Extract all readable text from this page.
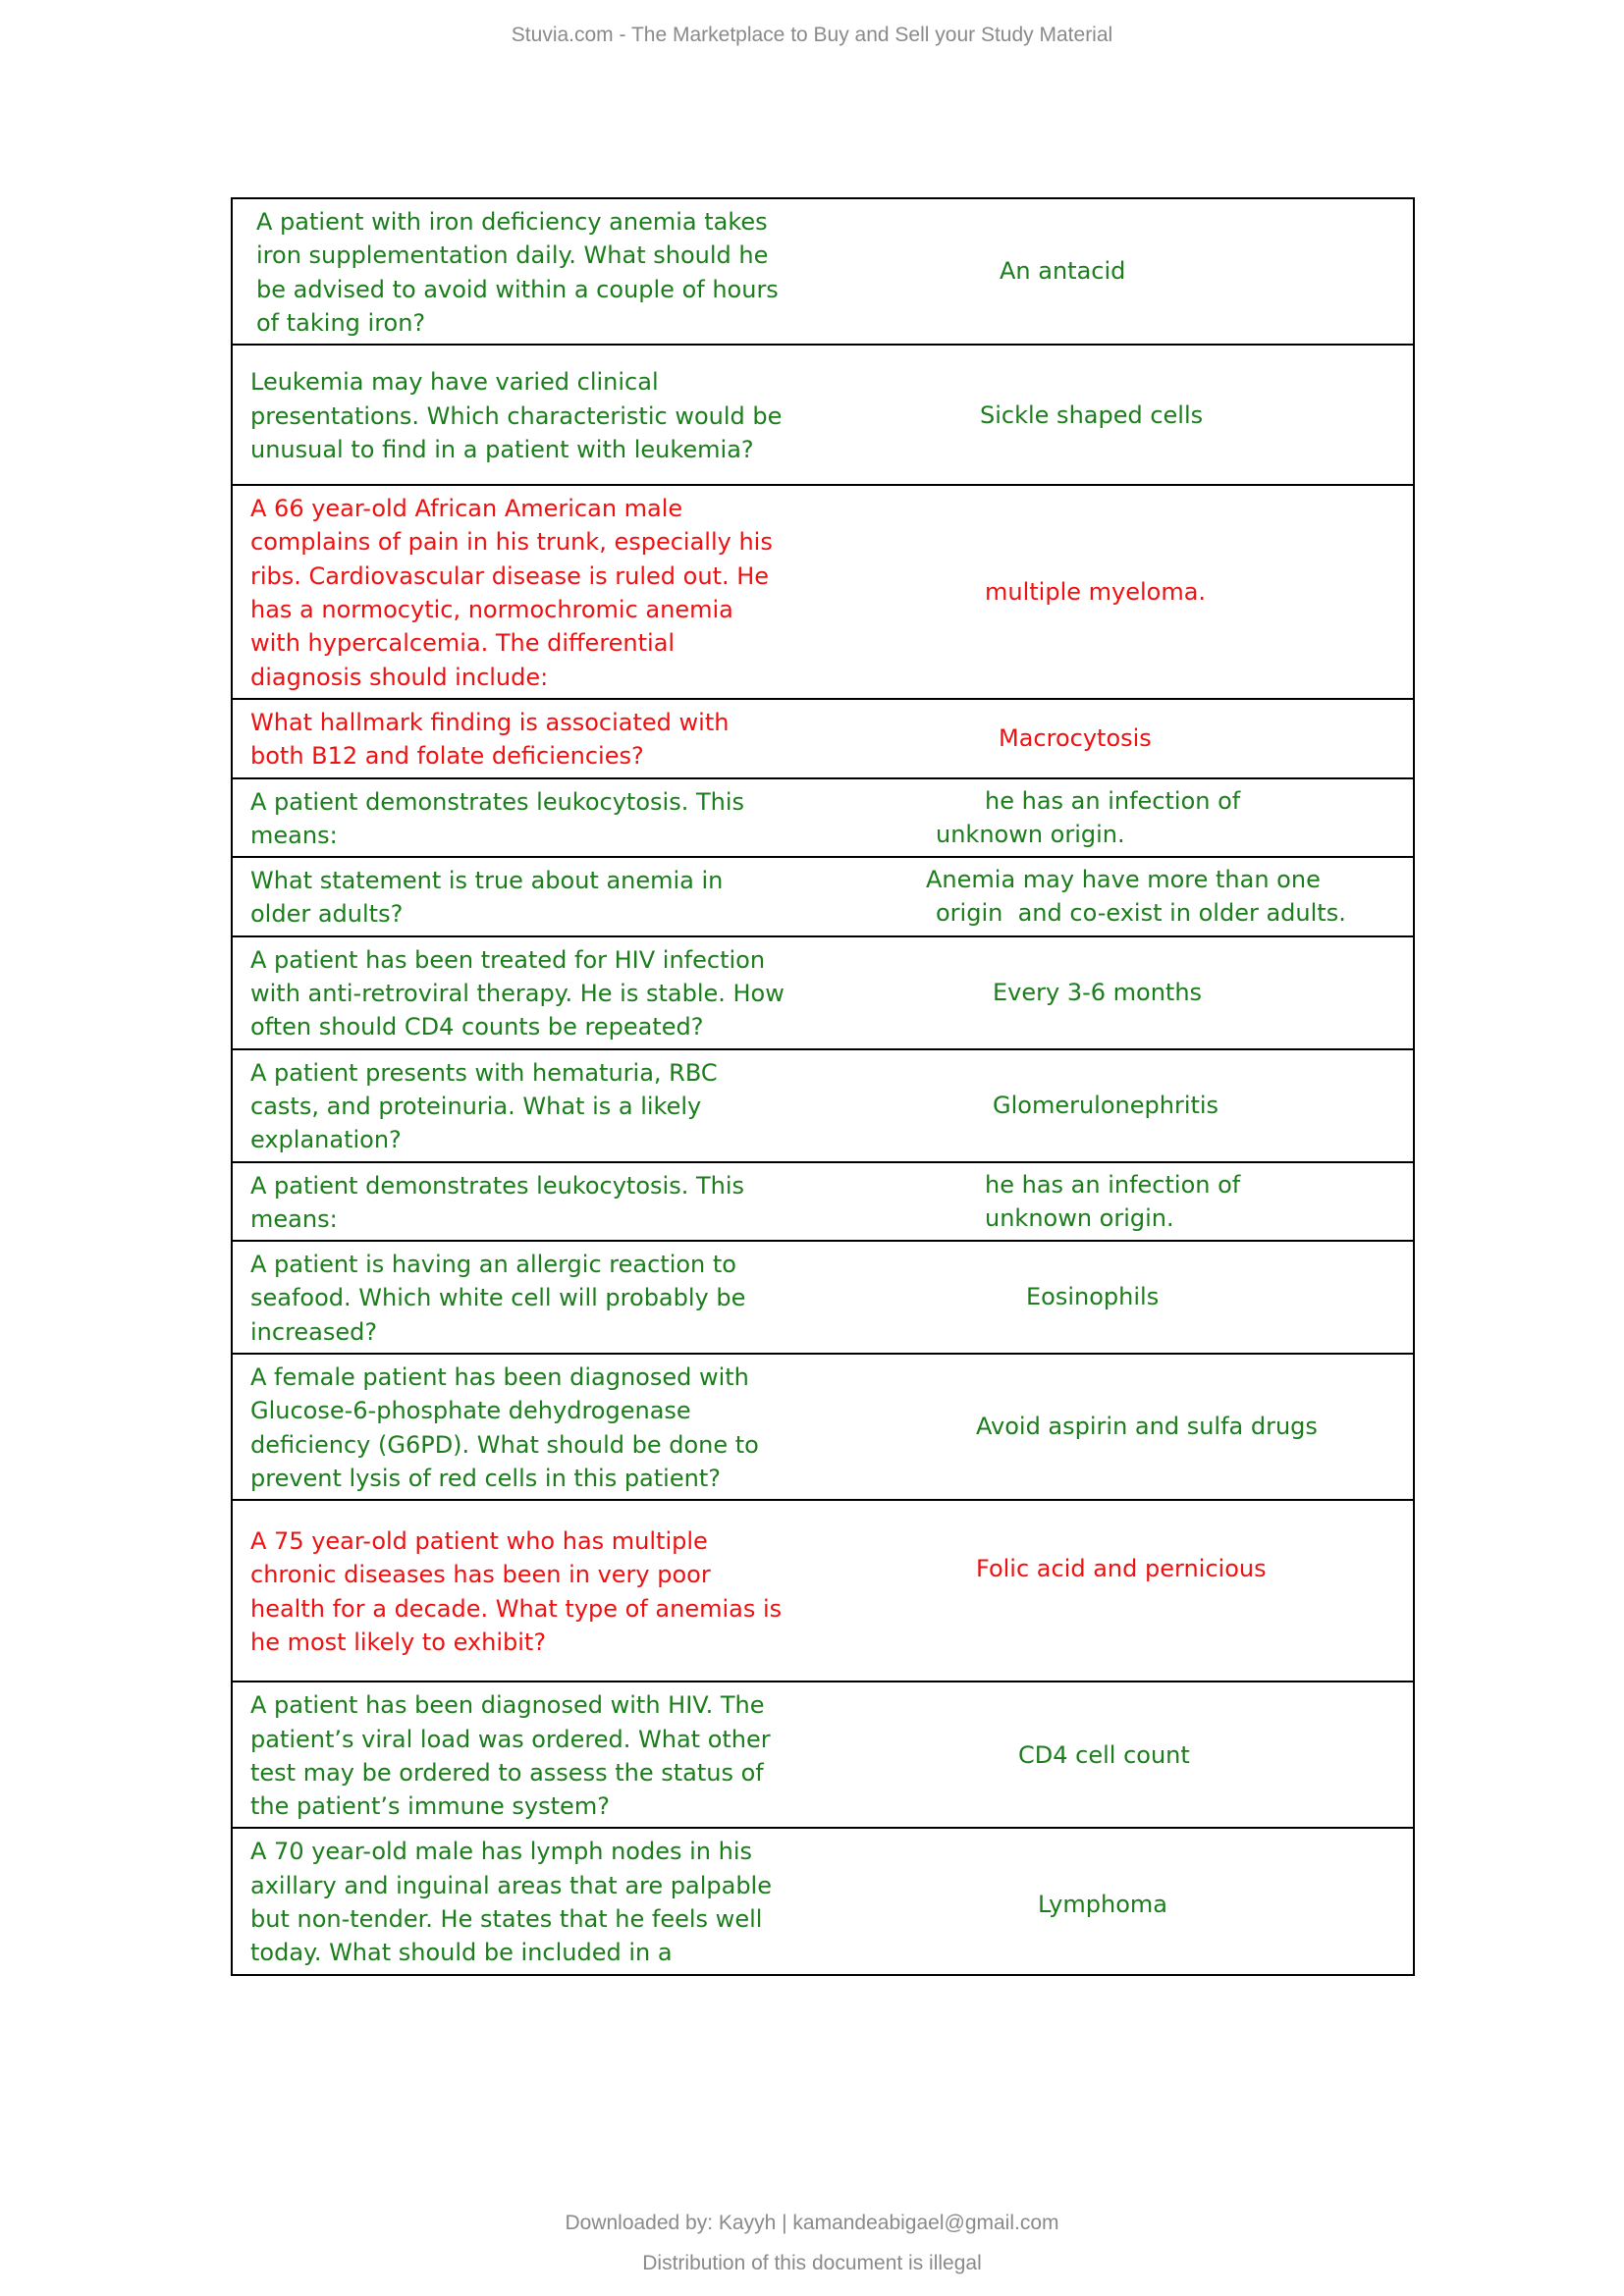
Stuvia.com - The Marketplace to Buy and Sell your Study Material
A patient with iron deficiency anemia takes iron supplementation daily. What should he be advised to avoid within a couple of hours of taking iron?	An antacid

Leukemia may have varied clinical presentations. Which characteristic would be unusual to find in a patient with leukemia?	Sickle shaped cells

A 66 year-old African American male complains of pain in his trunk, especially his ribs. Cardiovascular disease is ruled out. He has a normocytic, normochromic anemia with hypercalcemia. The differential diagnosis should include:	multiple myeloma.

What hallmark finding is associated with both B12 and folate deficiencies?	Macrocytosis

A patient demonstrates leukocytosis. This means:	he has an infection of
unknown origin.

What statement is true about anemia in older adults?	Anemia may have more than one
origin  and co-exist in older adults.

A patient has been treated for HIV infection with anti-retroviral therapy. He is stable. How often should CD4 counts be repeated?	Every 3-6 months

A patient presents with hematuria, RBC casts, and proteinuria. What is a likely explanation?	Glomerulonephritis

A patient demonstrates leukocytosis. This means:	he has an infection of
unknown origin.

A patient is having an allergic reaction to seafood. Which white cell will probably be increased?	Eosinophils

A female patient has been diagnosed with Glucose-6-phosphate dehydrogenase deficiency (G6PD). What should be done to prevent lysis of red cells in this patient?	Avoid aspirin and sulfa drugs

A 75 year-old patient who has multiple chronic diseases has been in very poor health for a decade. What type of anemias is he most likely to exhibit?	Folic acid and pernicious

A patient has been diagnosed with HIV. The patient’s viral load was ordered. What other test may be ordered to assess the status of the patient’s immune system?	CD4 cell count

A 70 year-old male has lymph nodes in his axillary and inguinal areas that are palpable but non-tender. He states that he feels well today. What should be included in a	Lymphoma
Downloaded by: Kayyh | kamandeabigael@gmail.com
Distribution of this document is illegal
